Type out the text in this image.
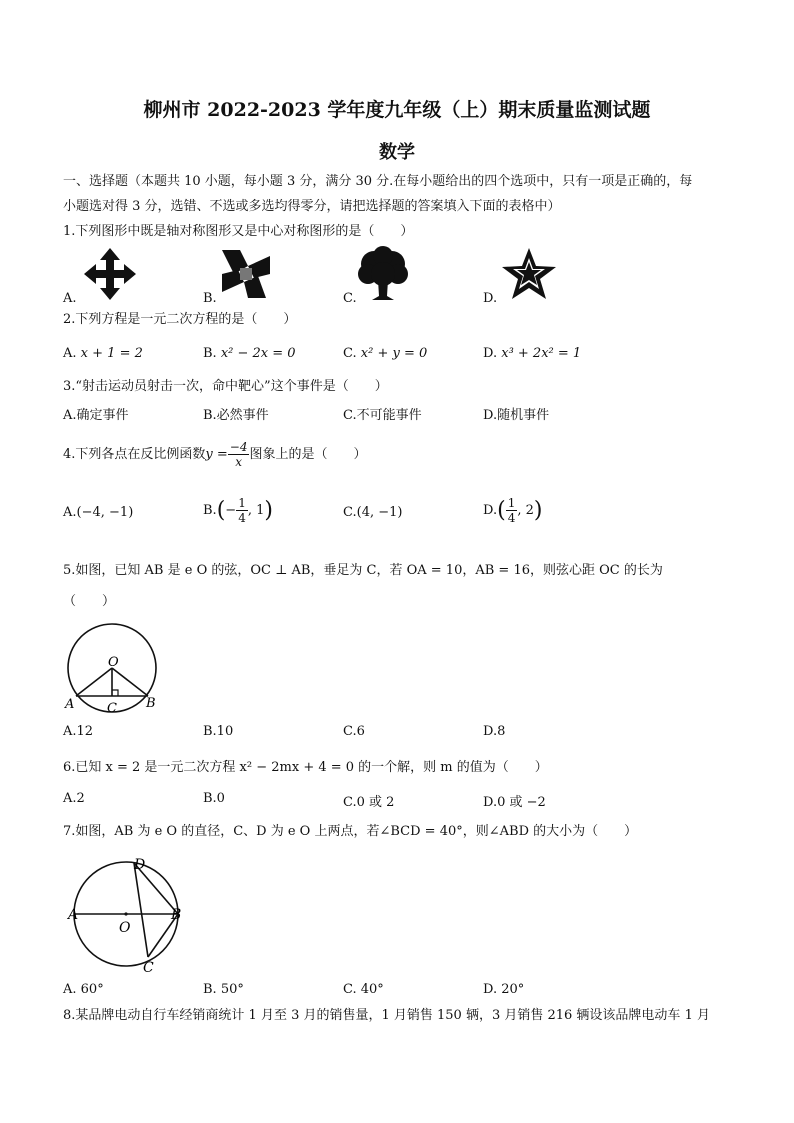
柳州市 2022-2023 学年度九年级（上）期末质量监测试题
数学
一、选择题（本题共 10 小题，每小题 3 分，满分 30 分.在每小题给出的四个选项中，只有一项是正确的，每
小题选对得 3 分，选错、不选或多选均得零分，请把选择题的答案填入下面的表格中）
1.下列图形中既是轴对称图形又是中心对称图形的是（　　）
A.	B.	C.	D.
2.下列方程是一元二次方程的是（　　）
A. x + 1 = 2	B. x² − 2x = 0	C. x² + y = 0	D. x³ + 2x² = 1
3.“射击运动员射击一次，命中靶心”这个事件是（　　）
A.确定事件	B.必然事件	C.不可能事件	D.随机事件
4.下列各点在反比例函数$y = \frac{-4}{x}$ 图象上的是（　　）
A.(−4, −1)	$B.(- \frac{1}{4}$ , 1)	C.(4, −1)	$D.( \frac{1}{4}$ , 2)
5.如图，已知 AB 是 e O 的弦，OC ⊥ AB，垂足为 C，若 OA = 10，AB = 16，则弦心距 OC 的长为
（　　）
O
A	C B
A.12	B.10	C.6	D.8
6.已知 x = 2 是一元二次方程 x² − 2mx + 4 = 0 的一个解，则 m 的值为（　　）
A.2	B.0	C.0 或 2	D.0 或 −2
7.如图，AB 为 e O 的直径，C、D 为 e O 上两点，若∠BCD = 40°，则∠ABD 的大小为（　　）
D
A	B
O
C
A. 60°	B. 50°	C. 40°	D. 20°
8.某品牌电动自行车经销商统计 1 月至 3 月的销售量，1 月销售 150 辆，3 月销售 216 辆设该品牌电动车 1 月
